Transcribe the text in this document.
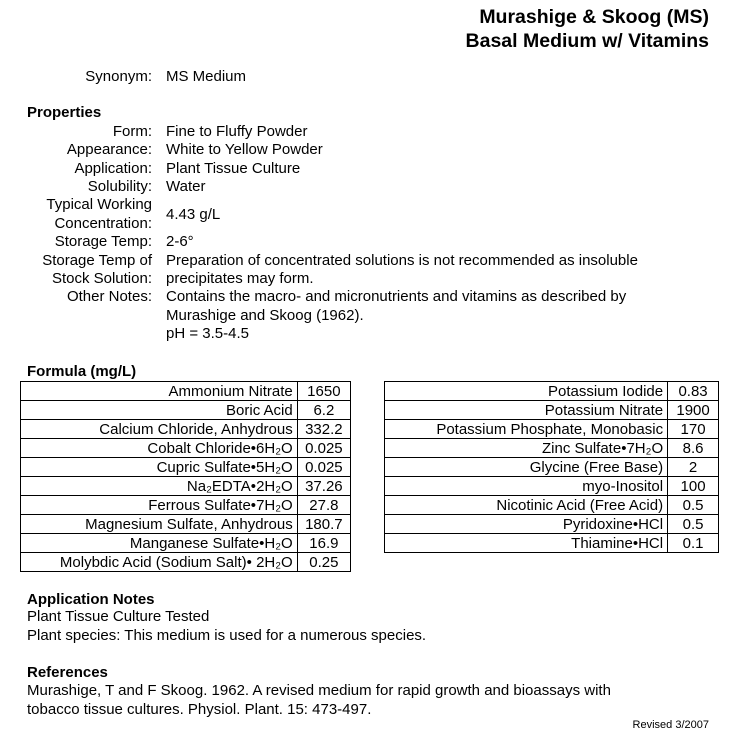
Murashige & Skoog (MS)
Basal Medium w/ Vitamins
Synonym: MS Medium
Properties
Form: Fine to Fluffy Powder
Appearance: White to Yellow Powder
Application: Plant Tissue Culture
Solubility: Water
Typical Working
Concentration:
4.43 g/L
Storage Temp: 2-6°
Storage Temp of
Stock Solution:
Preparation of concentrated solutions is not recommended as insoluble
precipitates may form.
Other Notes: Contains the macro- and micronutrients and vitamins as described by
Murashige and Skoog (1962).
pH = 3.5-4.5
Formula (mg/L)
Ammonium Nitrate	1650
Boric Acid	6.2
Calcium Chloride, Anhydrous	332.2
Cobalt Chloride•6H₂O	0.025
Cupric Sulfate•5H₂O	0.025
Na₂EDTA•2H₂O	37.26
Ferrous Sulfate•7H₂O	27.8
Magnesium Sulfate, Anhydrous	180.7
Manganese Sulfate•H₂O	16.9
Molybdic Acid (Sodium Salt)• 2H₂O	0.25
Potassium Iodide	0.83
Potassium Nitrate	1900
Potassium Phosphate, Monobasic	170
Zinc Sulfate•7H₂O	8.6
Glycine (Free Base)	2
myo-Inositol	100
Nicotinic Acid (Free Acid)	0.5
Pyridoxine•HCl	0.5
Thiamine•HCl	0.1
Application Notes
Plant Tissue Culture Tested
Plant species: This medium is used for a numerous species.
References
Murashige, T and F Skoog. 1962. A revised medium for rapid growth and bioassays with
tobacco tissue cultures. Physiol. Plant. 15: 473-497.
Revised 3/2007
